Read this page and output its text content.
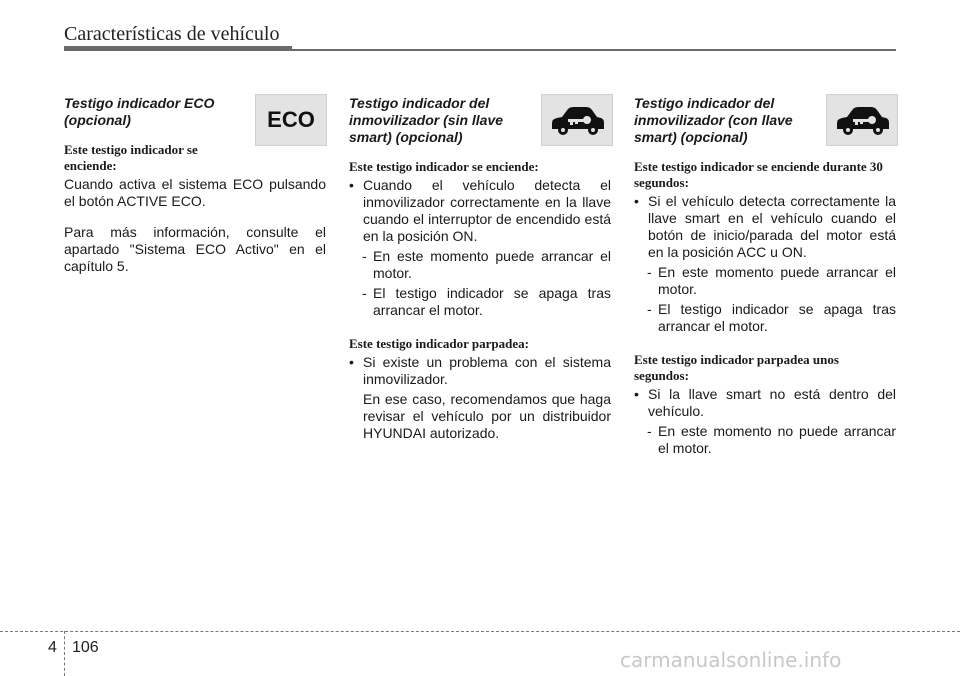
Características de vehículo
Testigo indicador ECO (opcional)
Este testigo indicador se enciende:

Cuando activa el sistema ECO pulsando el botón ACTIVE ECO.

Para más información, consulte el apartado "Sistema ECO Activo" en el capítulo 5.

ECO
Testigo indicador del inmovilizador (sin llave smart) (opcional)
Este testigo indicador se enciende:
• Cuando el vehículo detecta el inmovilizador correctamente en la llave cuando el interruptor de encendido está en la posición ON.
- En este momento puede arrancar el motor.
- El testigo indicador se apaga tras arrancar el motor.
Este testigo indicador parpadea:
• Si existe un problema con el sistema inmovilizador.
En ese caso, recomendamos que haga revisar el vehículo por un distribuidor HYUNDAI autorizado.
Testigo indicador del inmovilizador (con llave smart) (opcional)
Este testigo indicador se enciende durante 30 segundos:
• Si el vehículo detecta correctamente la llave smart en el vehículo cuando el botón de inicio/parada del motor está en la posición ACC u ON.
- En este momento puede arrancar el motor.
- El testigo indicador se apaga tras arrancar el motor.
Este testigo indicador parpadea unos segundos:
• Si la llave smart no está dentro del vehículo.
- En este momento no puede arrancar el motor.
4 106
carmanualsonline.info
